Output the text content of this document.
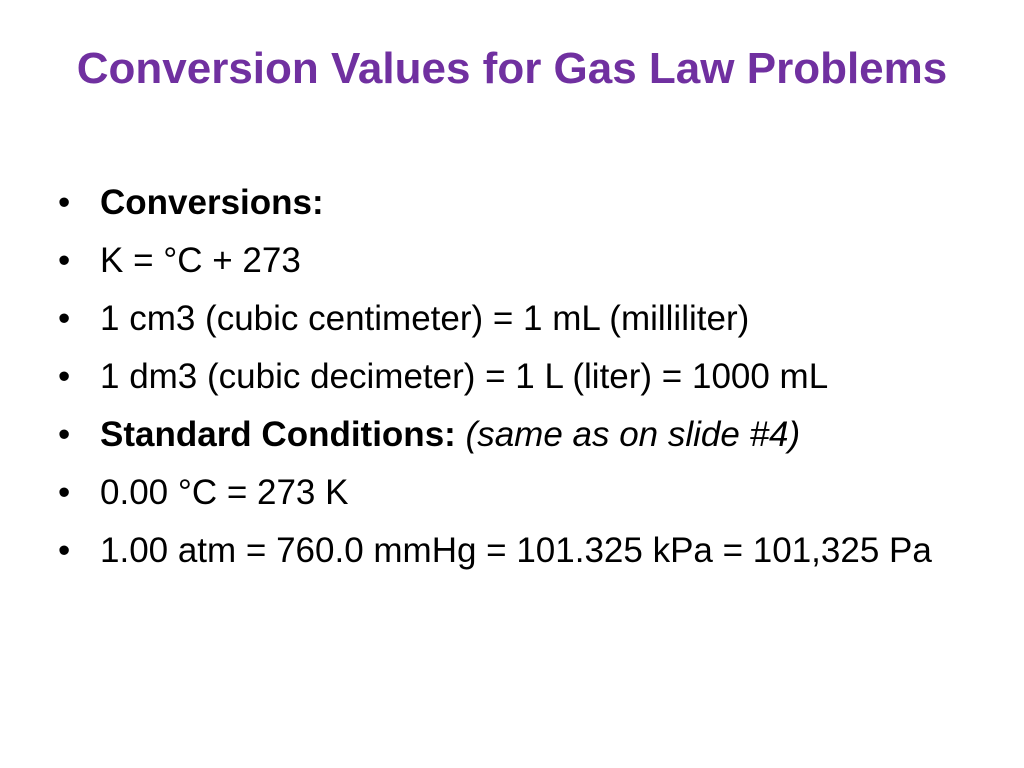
Conversion Values for Gas Law Problems
• Conversions:
• K = °C + 273
• 1 cm3 (cubic centimeter) = 1 mL (milliliter)
• 1 dm3 (cubic decimeter) = 1 L (liter) = 1000 mL
• Standard Conditions: (same as on slide #4)
• 0.00 °C = 273 K
• 1.00 atm = 760.0 mmHg = 101.325 kPa = 101,325 Pa
